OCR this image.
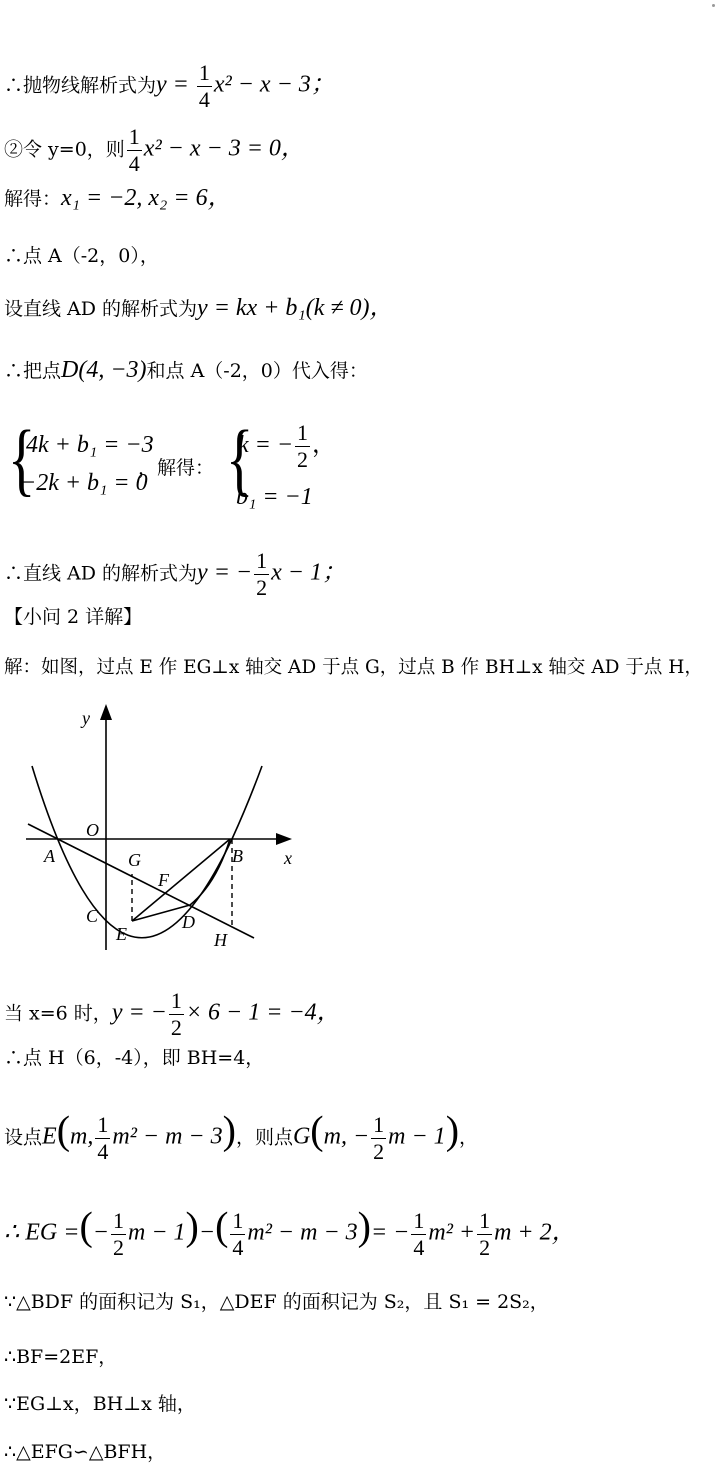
∴抛物线解析式为$y = \frac{1}{4} x^2 - x - 3$；
②令 y=0，则 $\frac{1}{4} x^2 - x - 3 = 0$，
解得：x₁ = −2, x₂ = 6，
∴点 A（-2，0），
设直线 AD 的解析式为y = kx + b₁(k ≠ 0)，
∴把点D(4, −3)和点 A（-2，0）代入得：
{
4k + b₁ = −3
−2k + b₁ = 0
，解得： {
k = − $\frac{1}{2}$ ，
b₁ = −1
∴直线 AD 的解析式为y = − $\frac{1}{2}$ x − 1；
【小问 2 详解】
解：如图，过点 E 作 EG⊥x 轴交 AD 于点 G，过点 B 作 BH⊥x 轴交 AD 于点 H，
y
x
O
A	B
C	D
E
F
G
H
当 x=6 时，y = − $\frac{1}{2} \times 6 - 1 = -4$，
∴点 H（6，-4），即 BH=4，
设点E(m, $\frac{1}{4} m^2 - m - 3$)，则点G(m, − $\frac{1}{2}$ m − 1)，
∴ EG =(− $\frac{1}{2}$ $m - 1)-( \frac{1}{4} m^2 - m - 3)= - \frac{1}{4} m^2 + \frac{1}{2}$ m + 2，
∵△BDF 的面积记为 S₁，△DEF 的面积记为 S₂，且 S₁ = 2S₂，
∴BF=2EF，
∵EG⊥x，BH⊥x 轴，
∴△EFG∽△BFH，
